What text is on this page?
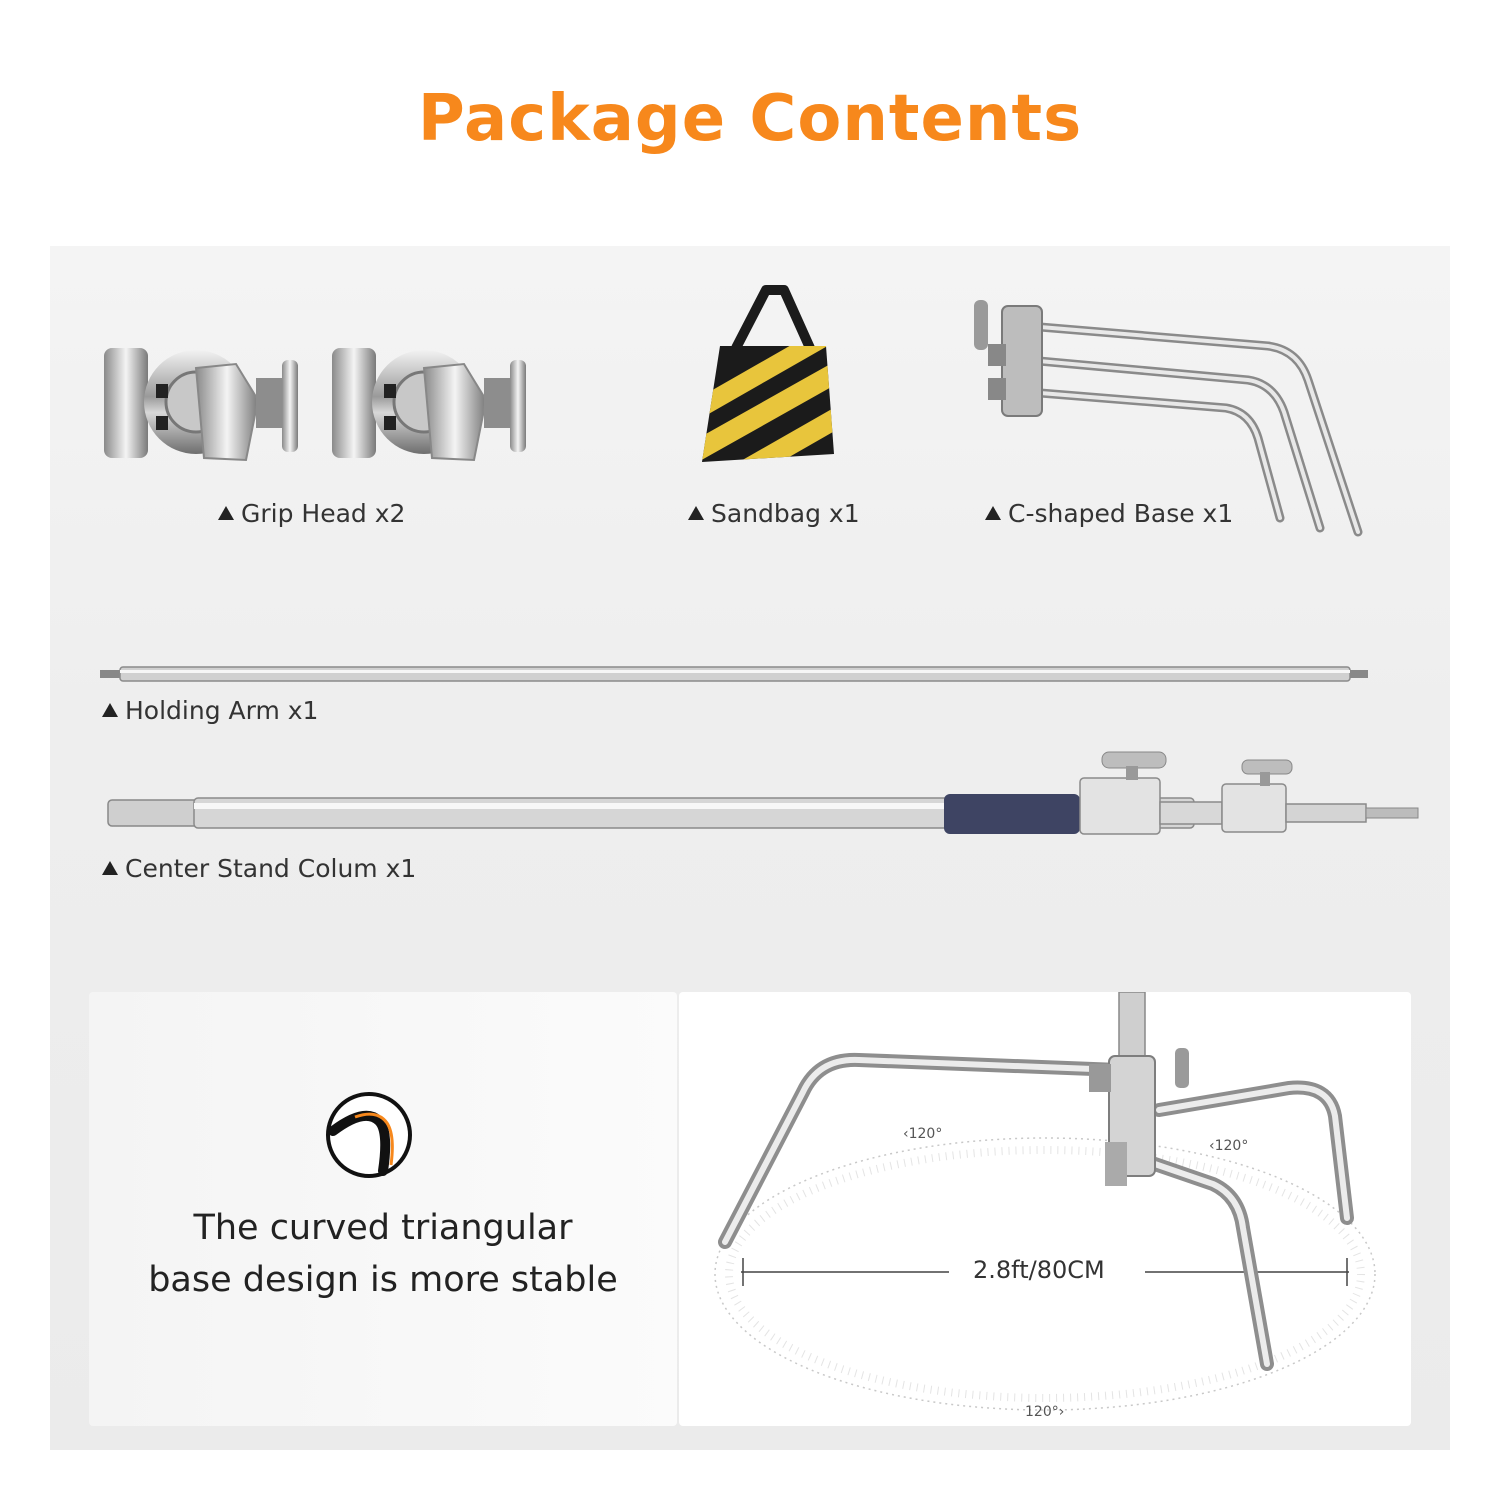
Package Contents
Grip Head x2	Sandbag x1	C-shaped Base x1
Holding Arm x1
Center Stand Colum x1
The curved triangular
base design is more stable	2.8ft/80CM
‹120°
‹120°
120°›
